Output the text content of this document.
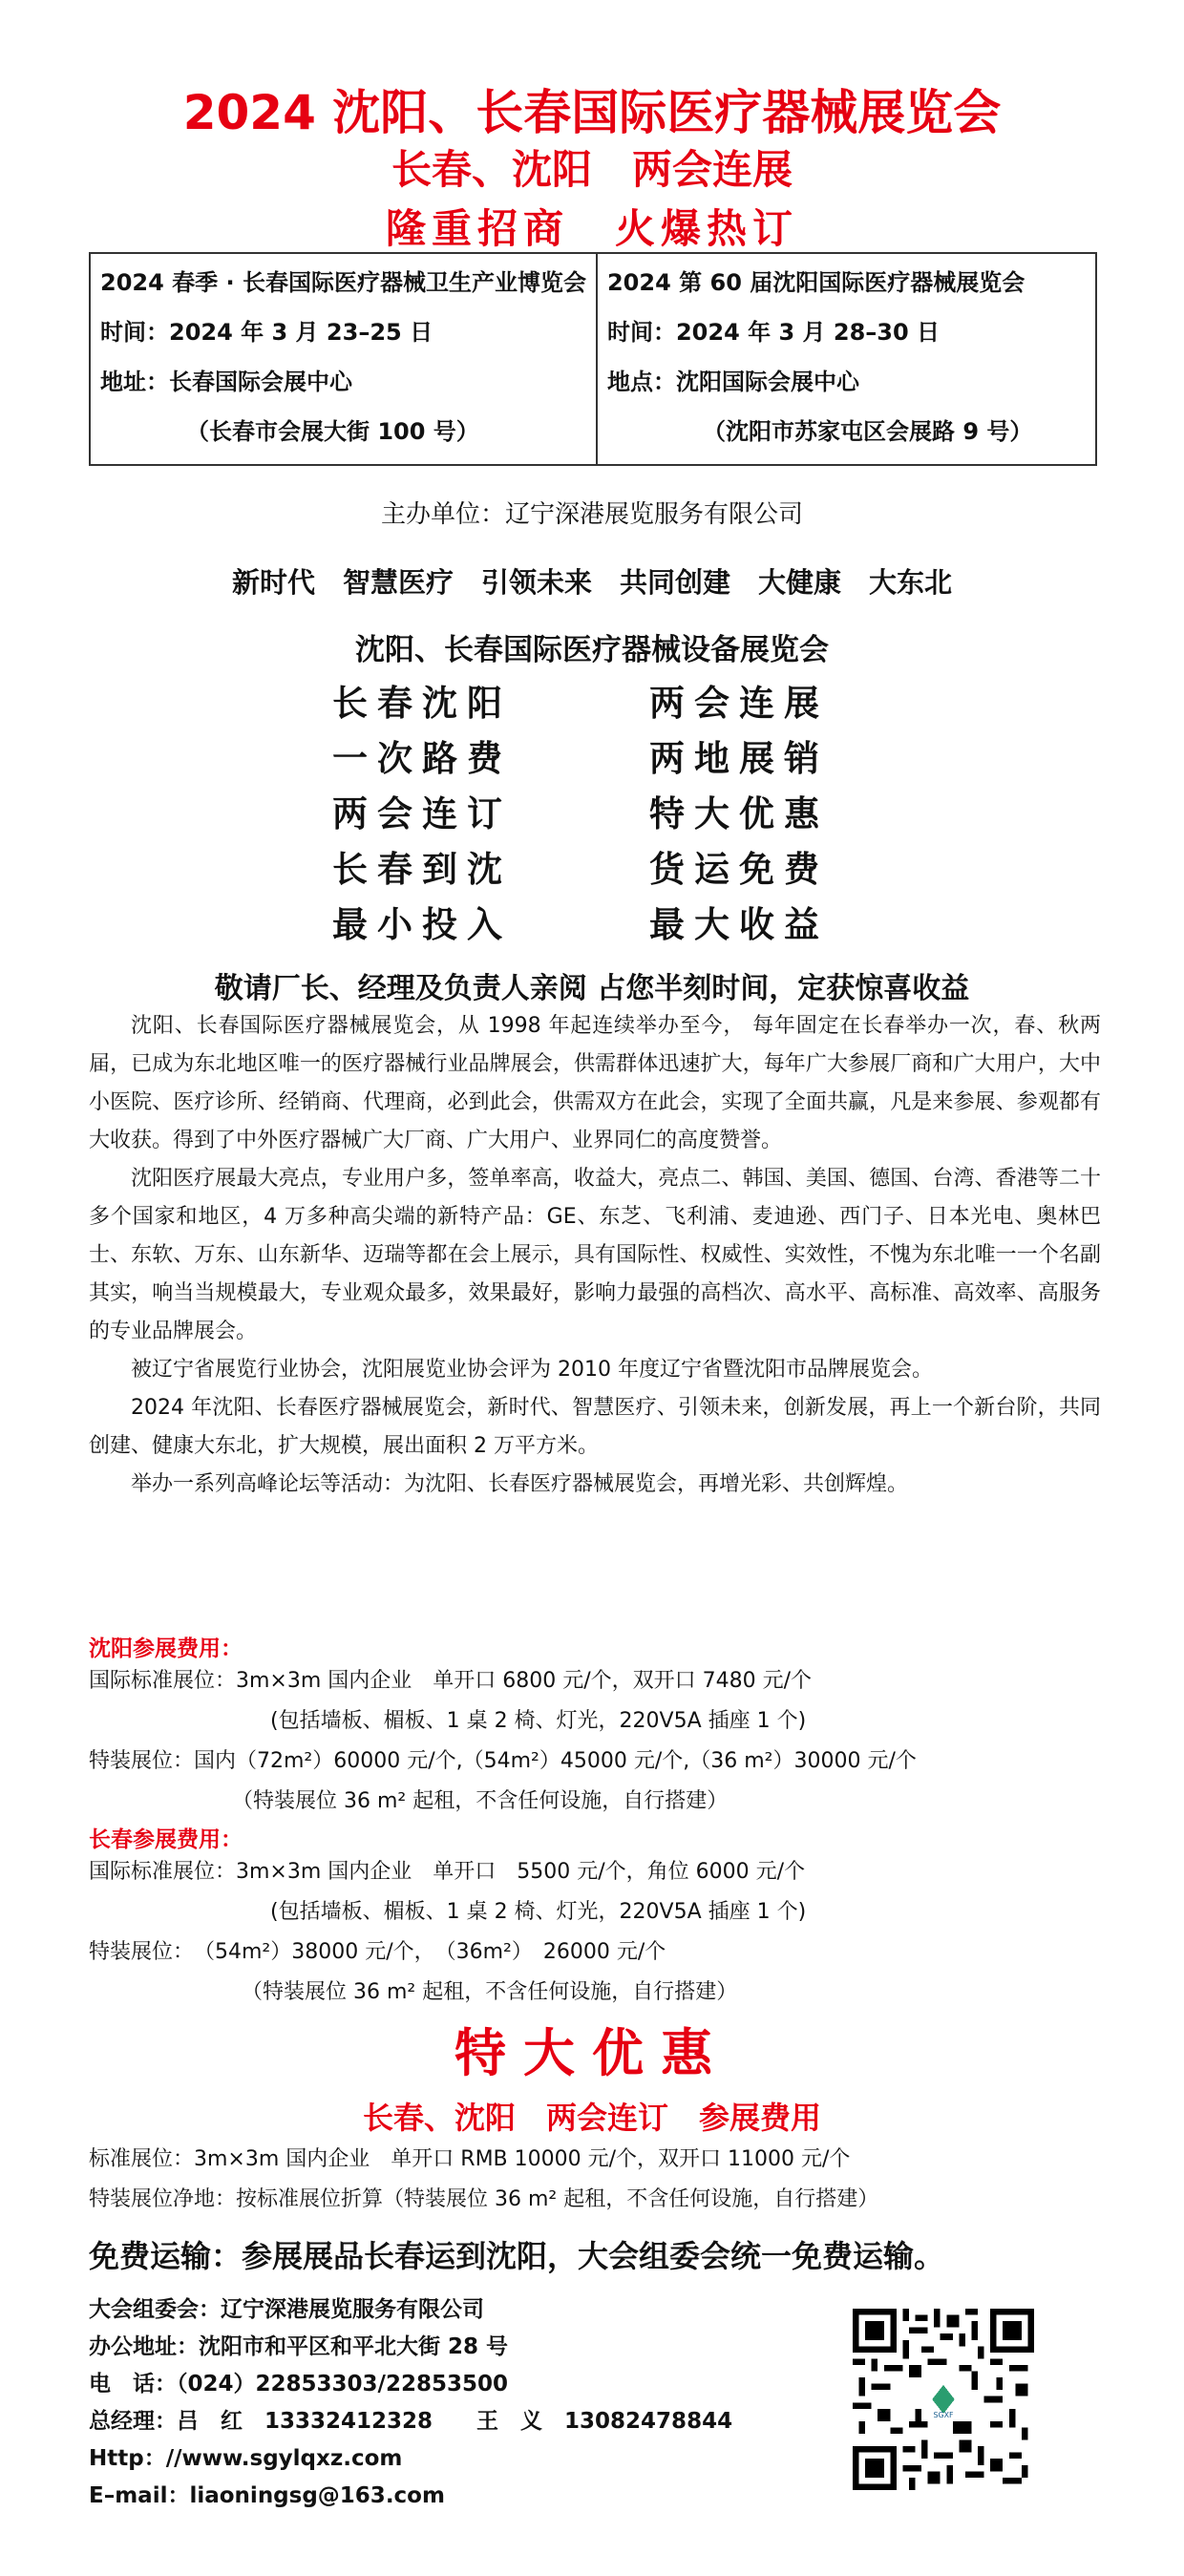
2024 沈阳、长春国际医疗器械展览会
长春、沈阳　两会连展
隆重招商　火爆热订
2024 春季 · 长春国际医疗器械卫生产业博览会
时间：2024 年 3 月 23–25 日
地址：长春国际会展中心
（长春市会展大街 100 号）

2024 第 60 届沈阳国际医疗器械展览会
时间：2024 年 3 月 28–30 日
地点：沈阳国际会展中心
（沈阳市苏家屯区会展路 9 号）
主办单位：辽宁深港展览服务有限公司
新时代　智慧医疗　引领未来　共同创建　大健康　大东北
沈阳、长春国际医疗器械设备展览会
长春沈阳	两会连展
一次路费	两地展销
两会连订	特大优惠
长春到沈	货运免费
最小投入	最大收益
敬请厂长、经理及负责人亲阅 占您半刻时间，定获惊喜收益

沈阳、长春国际医疗器械展览会，从 1998 年起连续举办至今， 每年固定在长春举办一次，春、秋两届，已成为东北地区唯一的医疗器械行业品牌展会，供需群体迅速扩大，每年广大参展厂商和广大用户，大中小医院、医疗诊所、经销商、代理商，必到此会，供需双方在此会，实现了全面共赢，凡是来参展、参观都有大收获。得到了中外医疗器械广大厂商、广大用户、业界同仁的高度赞誉。

沈阳医疗展最大亮点，专业用户多，签单率高，收益大，亮点二、韩国、美国、德国、台湾、香港等二十多个国家和地区，4 万多种高尖端的新特产品：GE、东芝、飞利浦、麦迪逊、西门子、日本光电、奥林巴士、东软、万东、山东新华、迈瑞等都在会上展示，具有国际性、权威性、实效性，不愧为东北唯一一个名副其实，响当当规模最大，专业观众最多，效果最好，影响力最强的高档次、高水平、高标准、高效率、高服务的专业品牌展会。

被辽宁省展览行业协会，沈阳展览业协会评为 2010 年度辽宁省暨沈阳市品牌展览会。

2024 年沈阳、长春医疗器械展览会，新时代、智慧医疗、引领未来，创新发展，再上一个新台阶，共同创建、健康大东北，扩大规模，展出面积 2 万平方米。

举办一系列高峰论坛等活动：为沈阳、长春医疗器械展览会，再增光彩、共创辉煌。

沈阳参展费用：
国际标准展位：3m×3m 国内企业　单开口 6800 元/个，双开口 7480 元/个
(包括墙板、楣板、1 桌 2 椅、灯光，220V5A 插座 1 个)
特装展位：国内（72m²）60000 元/个,（54m²）45000 元/个,（36 m²）30000 元/个
（特装展位 36 m² 起租，不含任何设施，自行搭建）
长春参展费用：
国际标准展位：3m×3m 国内企业　单开口　5500 元/个，角位 6000 元/个
(包括墙板、楣板、1 桌 2 椅、灯光，220V5A 插座 1 个)
特装展位：　（54m²）38000 元/个，　（36m²）　26000 元/个
（特装展位 36 m² 起租，不含任何设施，自行搭建）
特大优惠
长春、沈阳　两会连订　参展费用
标准展位：3m×3m 国内企业　单开口 RMB 10000 元/个，双开口 11000 元/个
特装展位净地：按标准展位折算（特装展位 36 m² 起租，不含任何设施，自行搭建）
免费运输：参展展品长春运到沈阳，大会组委会统一免费运输。
大会组委会：辽宁深港展览服务有限公司
办公地址：沈阳市和平区和平北大街 28 号
电　话：（024）22853303/22853500
总经理：吕　红　13332412328　　王　义　13082478844
Http：//www.sgylqxz.com
E–mail：liaoningsg@163.com
SGXF
